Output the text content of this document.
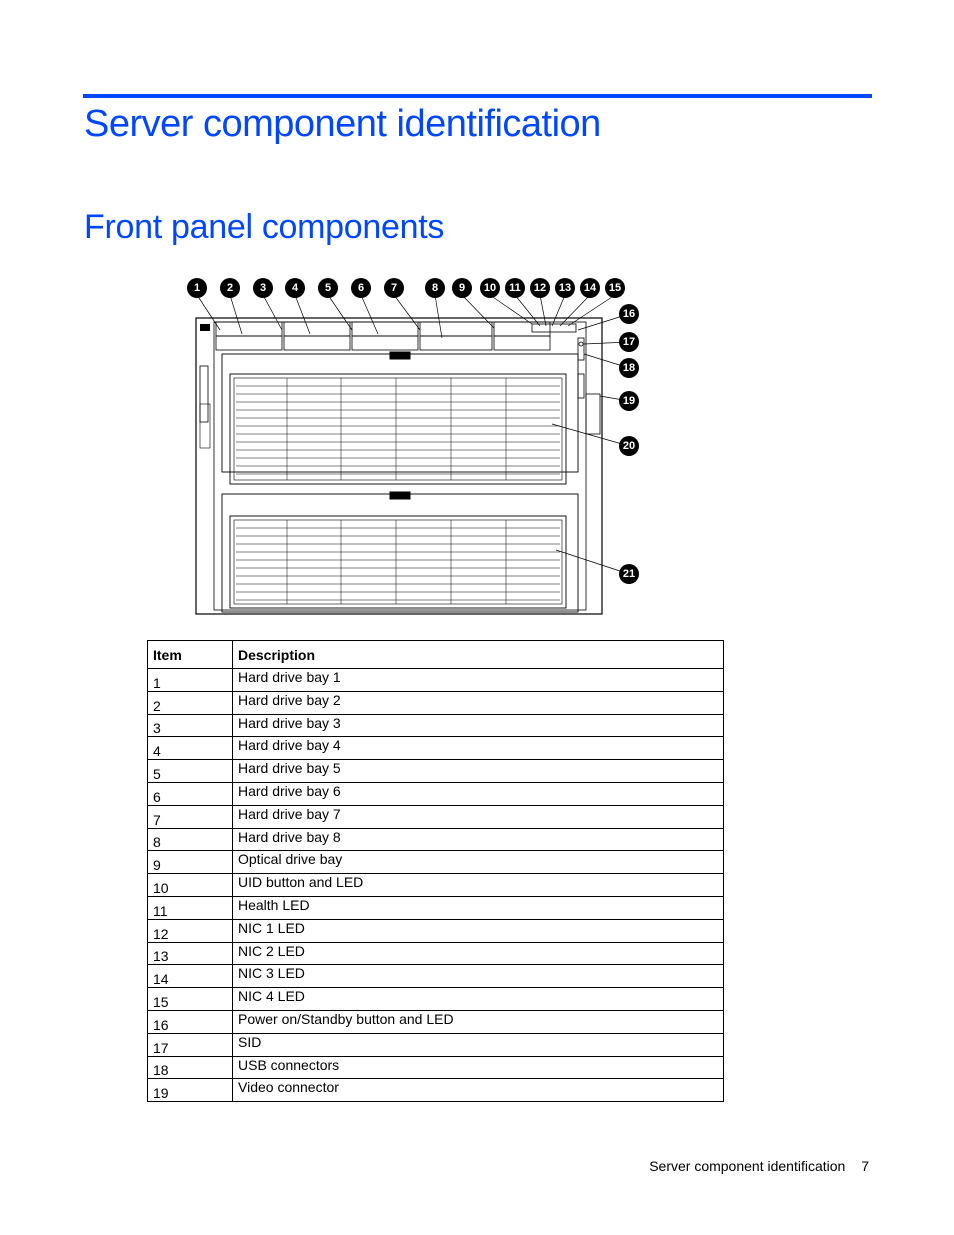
Server component identification
Front panel components
1 2 3 4 5 6 7	8 9 10 11 12 13 14 15
16
17
18
19
20
21
Item	Description
1	Hard drive bay 1
2	Hard drive bay 2
3	Hard drive bay 3
4	Hard drive bay 4
5	Hard drive bay 5
6	Hard drive bay 6
7	Hard drive bay 7
8	Hard drive bay 8
9	Optical drive bay
10	UID button and LED
11	Health LED
12	NIC 1 LED
13	NIC 2 LED
14	NIC 3 LED
15	NIC 4 LED
16	Power on/Standby button and LED
17	SID
18	USB connectors
19	Video connector
Server component identification 7
